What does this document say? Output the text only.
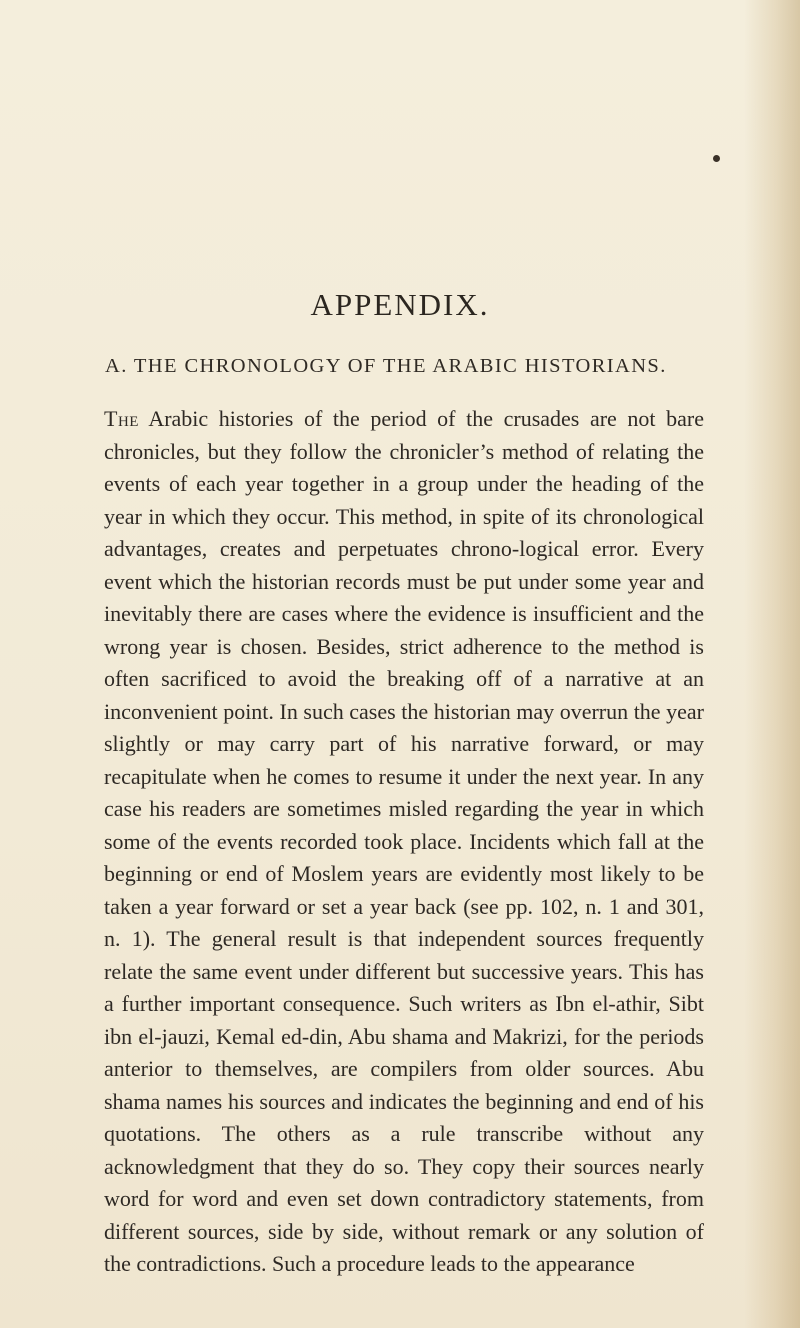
APPENDIX.
A. THE CHRONOLOGY OF THE ARABIC HISTORIANS.
The Arabic histories of the period of the crusades are not bare chronicles, but they follow the chronicler’s method of relating the events of each year together in a group under the heading of the year in which they occur. This method, in spite of its chronological advantages, creates and perpetuates chrono-logical error. Every event which the historian records must be put under some year and inevitably there are cases where the evidence is insufficient and the wrong year is chosen. Besides, strict adherence to the method is often sacrificed to avoid the breaking off of a narrative at an inconvenient point. In such cases the historian may overrun the year slightly or may carry part of his narrative forward, or may recapitulate when he comes to resume it under the next year. In any case his readers are sometimes misled regarding the year in which some of the events recorded took place. Incidents which fall at the beginning or end of Moslem years are evidently most likely to be taken a year forward or set a year back (see pp. 102, n. 1 and 301, n. 1). The general result is that independent sources frequently relate the same event under different but successive years. This has a further important consequence. Such writers as Ibn el-athir, Sibt ibn el-jauzi, Kemal ed-din, Abu shama and Makrizi, for the periods anterior to themselves, are compilers from older sources. Abu shama names his sources and indicates the beginning and end of his quotations. The others as a rule transcribe without any acknowledgment that they do so. They copy their sources nearly word for word and even set down contradictory statements, from different sources, side by side, without remark or any solution of the contradictions. Such a procedure leads to the appearance
